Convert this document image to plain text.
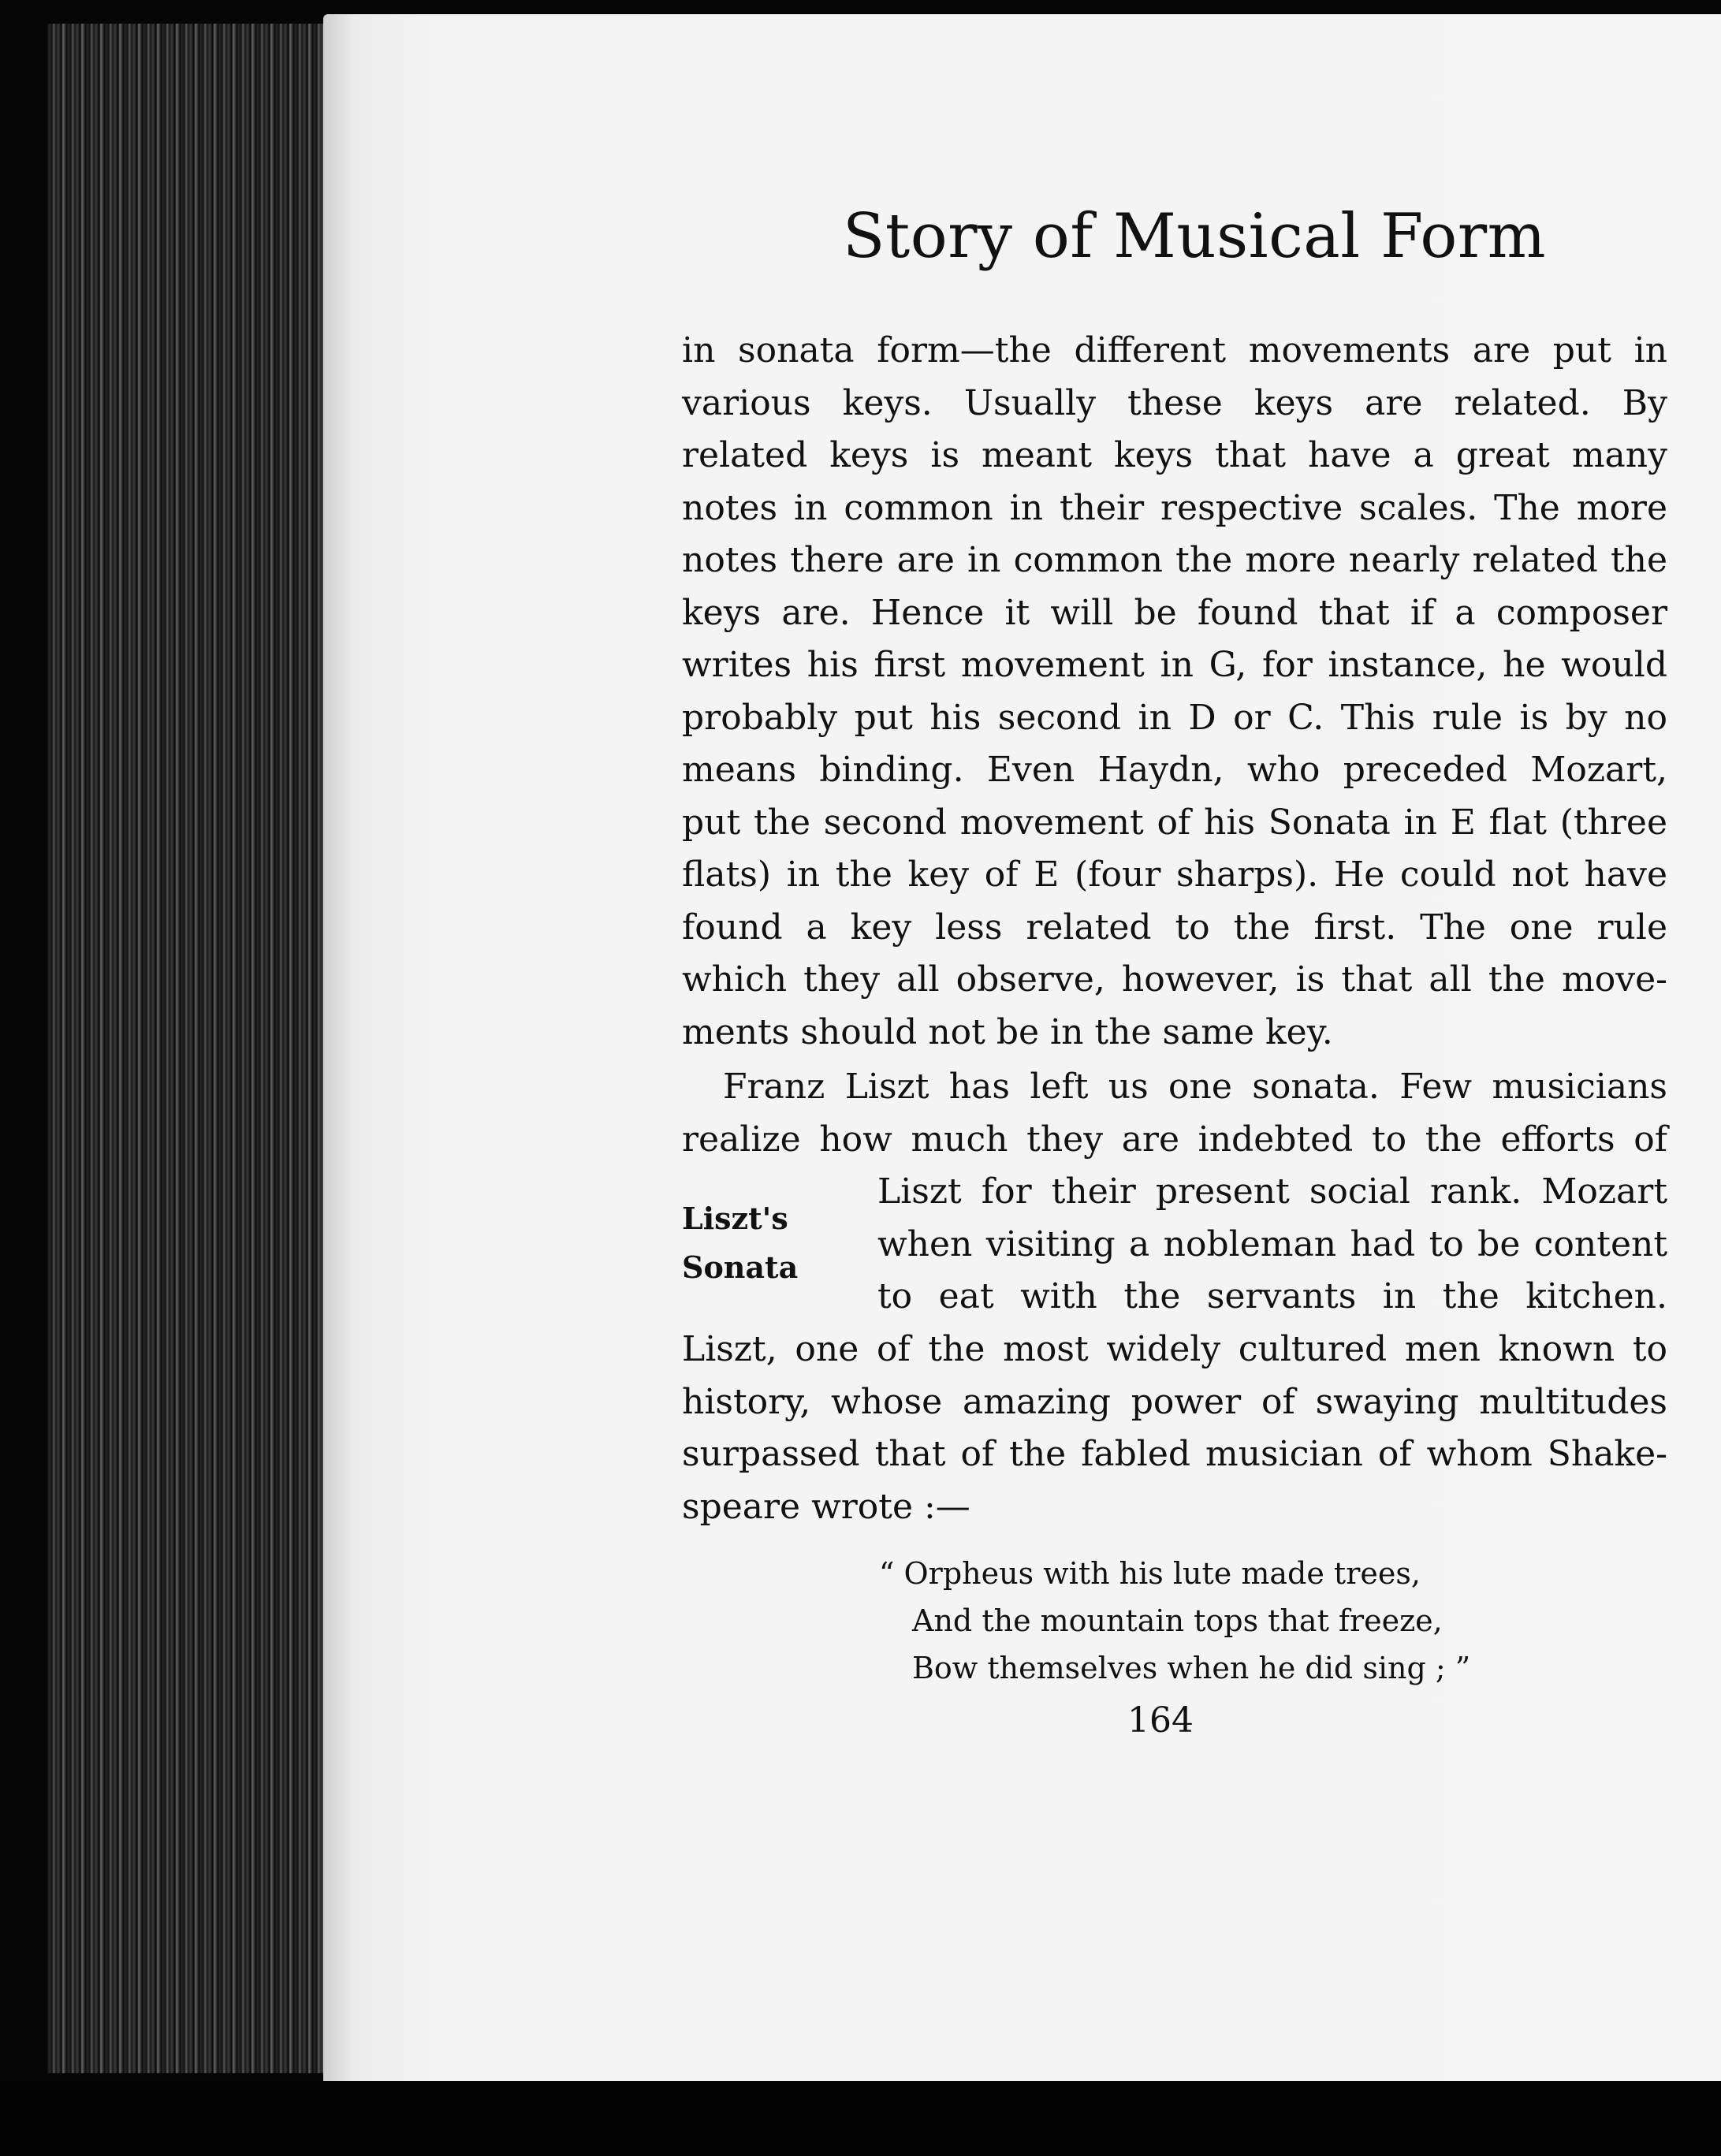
Story of Musical Form
in sonata form—the different movements are put in
various keys. Usually these keys are related. By
related keys is meant keys that have a great many
notes in common in their respective scales. The more
notes there are in common the more nearly related the
keys are. Hence it will be found that if a composer
writes his first movement in G, for instance, he would
probably put his second in D or C. This rule is by no
means binding. Even Haydn, who preceded Mozart,
put the second movement of his Sonata in E flat (three
flats) in the key of E (four sharps). He could not have
found a key less related to the first. The one rule
which they all observe, however, is that all the move-
ments should not be in the same key.
Franz Liszt has left us one sonata. Few musicians
realize how much they are indebted to the efforts of
Liszt's
Sonata
Liszt for their present social rank. Mozart
when visiting a nobleman had to be content
to eat with the servants in the kitchen.
Liszt, one of the most widely cultured men known to
history, whose amazing power of swaying multitudes
surpassed that of the fabled musician of whom Shake-
speare wrote :—
“ Orpheus with his lute made trees,
And the mountain tops that freeze,
Bow themselves when he did sing ; ”
164
